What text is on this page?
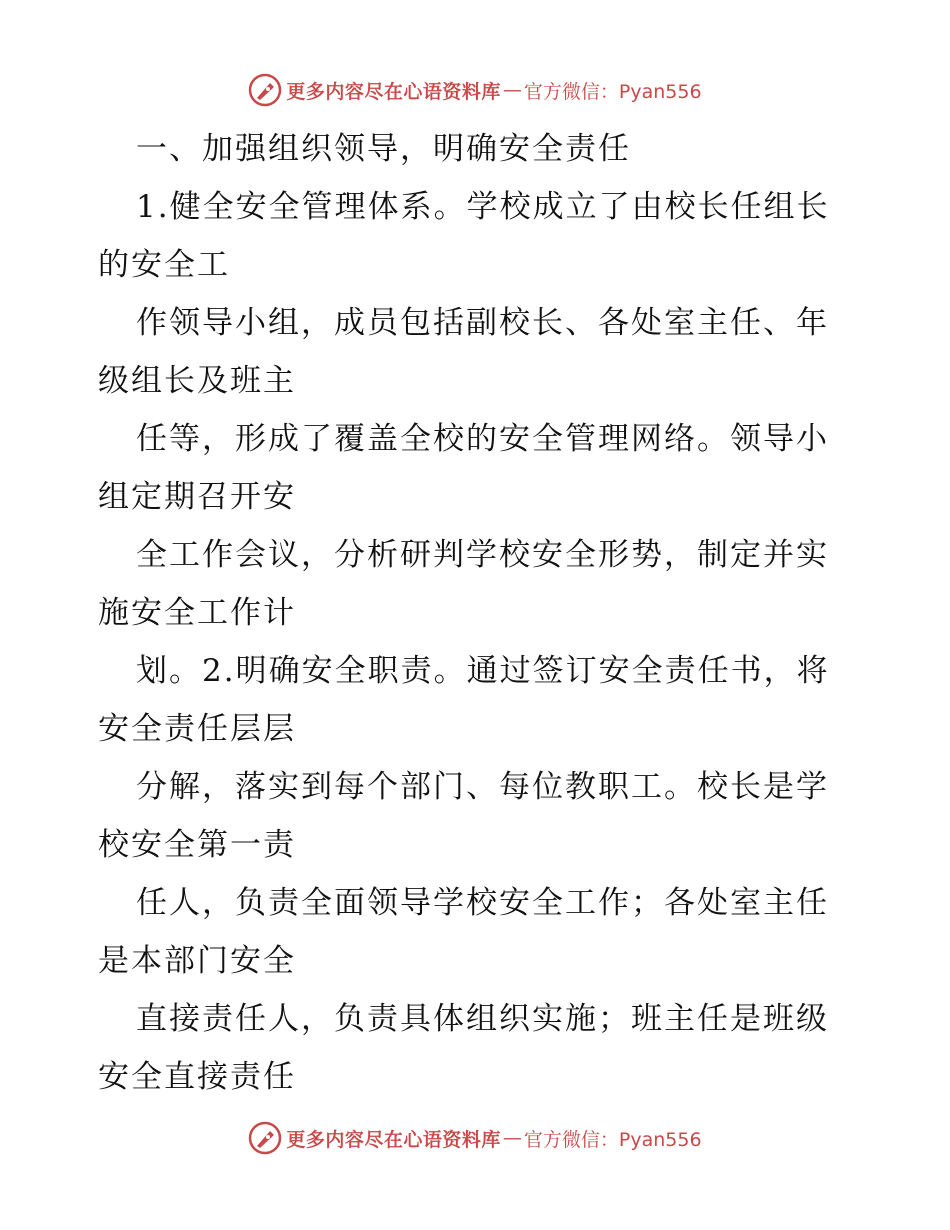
更多内容尽在心语资料库 — 官方微信：Pyan556
一、加强组织领导，明确安全责任
1.健全安全管理体系。学校成立了由校长任组长
的安全工
作领导小组，成员包括副校长、各处室主任、年
级组长及班主
任等，形成了覆盖全校的安全管理网络。领导小
组定期召开安
全工作会议，分析研判学校安全形势，制定并实
施安全工作计
划。2.明确安全职责。通过签订安全责任书，将
安全责任层层
分解，落实到每个部门、每位教职工。校长是学
校安全第一责
任人，负责全面领导学校安全工作；各处室主任
是本部门安全
直接责任人，负责具体组织实施；班主任是班级
安全直接责任
更多内容尽在心语资料库 — 官方微信：Pyan556
